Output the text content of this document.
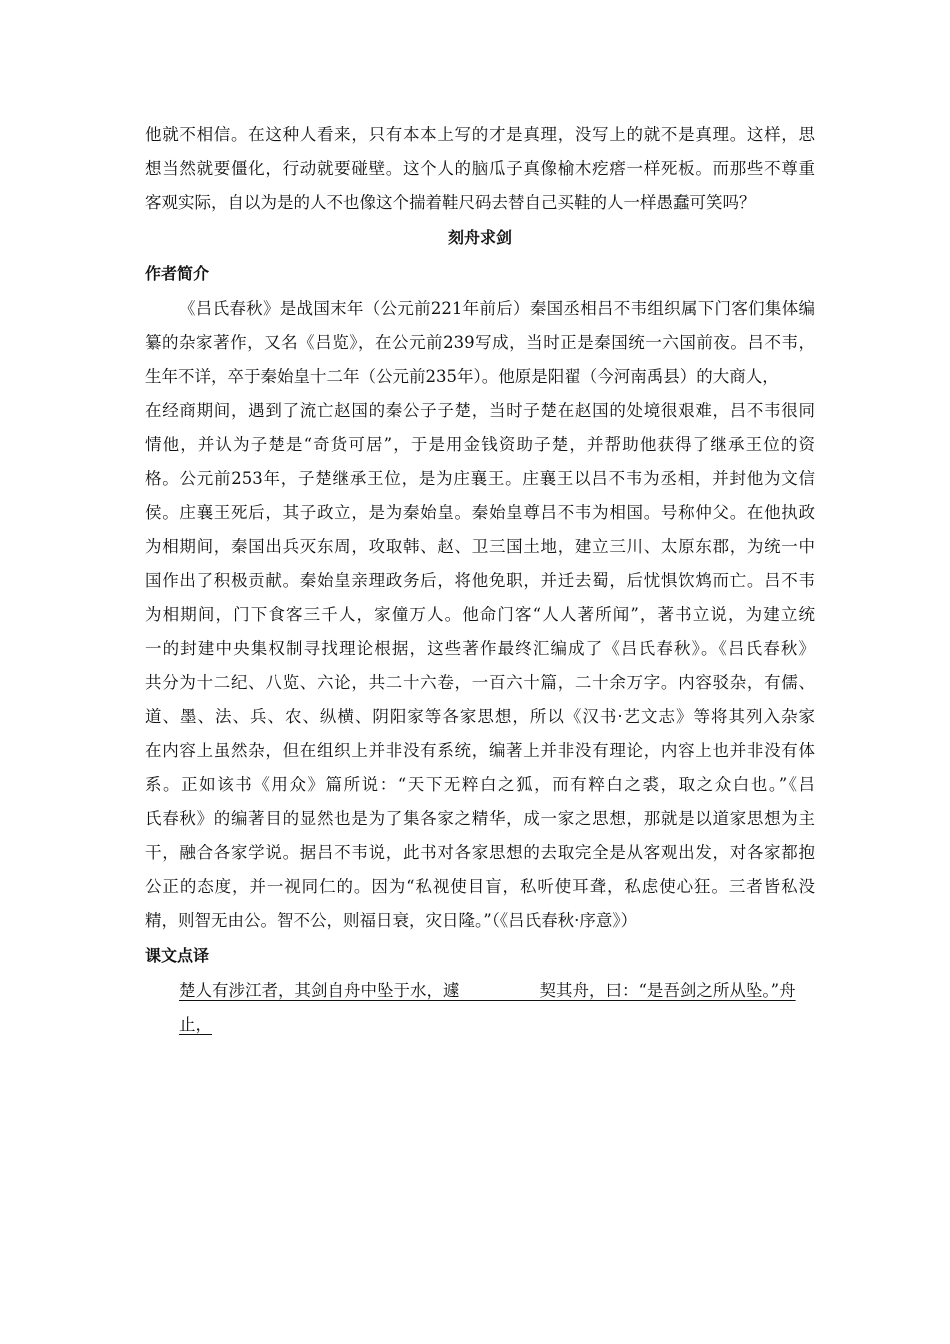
他就不相信。在这种人看来，只有本本上写的才是真理，没写上的就不是真理。这样，思
想当然就要僵化，行动就要碰壁。这个人的脑瓜子真像榆木疙瘩一样死板。而那些不尊重
客观实际，自以为是的人不也像这个揣着鞋尺码去替自己买鞋的人一样愚蠢可笑吗？
刻舟求剑
作者简介
《吕氏春秋》是战国末年（公元前221年前后）秦国丞相吕不韦组织属下门客们集体编
纂的杂家著作，又名《吕览》，在公元前239写成，当时正是秦国统一六国前夜。吕不韦，
生年不详，卒于秦始皇十二年（公元前235年）。他原是阳翟（今河南禹县）的大商人，
在经商期间，遇到了流亡赵国的秦公子子楚，当时子楚在赵国的处境很艰难，吕不韦很同
情他，并认为子楚是“奇货可居”，于是用金钱资助子楚，并帮助他获得了继承王位的资
格。公元前253年，子楚继承王位，是为庄襄王。庄襄王以吕不韦为丞相，并封他为文信
侯。庄襄王死后，其子政立，是为秦始皇。秦始皇尊吕不韦为相国。号称仲父。在他执政
为相期间，秦国出兵灭东周，攻取韩、赵、卫三国土地，建立三川、太原东郡，为统一中
国作出了积极贡献。秦始皇亲理政务后，将他免职，并迁去蜀，后忧惧饮鸩而亡。吕不韦
为相期间，门下食客三千人，家僮万人。他命门客“人人著所闻”，著书立说，为建立统
一的封建中央集权制寻找理论根据，这些著作最终汇编成了《吕氏春秋》。《吕氏春秋》
共分为十二纪、八览、六论，共二十六卷，一百六十篇，二十余万字。内容驳杂，有儒、
道、墨、法、兵、农、纵横、阴阳家等各家思想，所以《汉书·艺文志》等将其列入杂家
在内容上虽然杂，但在组织上并非没有系统，编著上并非没有理论，内容上也并非没有体
系。正如该书《用众》篇所说：“天下无粹白之狐，而有粹白之裘，取之众白也。”《吕
氏春秋》的编著目的显然也是为了集各家之精华，成一家之思想，那就是以道家思想为主
干，融合各家学说。据吕不韦说，此书对各家思想的去取完全是从客观出发，对各家都抱
公正的态度，并一视同仁的。因为“私视使目盲，私听使耳聋，私虑使心狂。三者皆私没
精，则智无由公。智不公，则福日衰，灾日隆。”（《吕氏春秋·序意》）
课文点译
楚人有涉江者，其剑自舟中坠于水，遽     	契其舟，曰：“是吾剑之所从坠。”舟
止，
